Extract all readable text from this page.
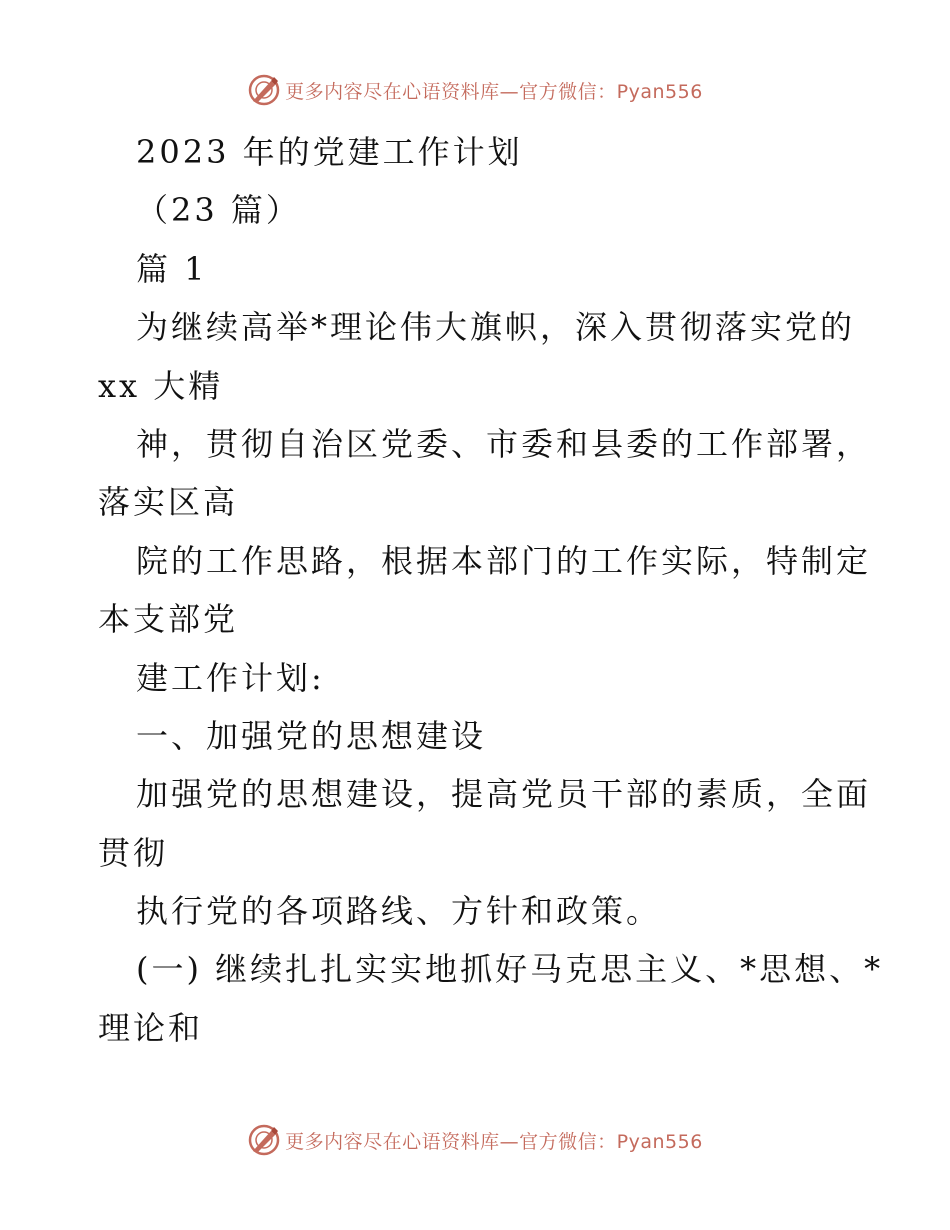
更多内容尽在心语资料库—官方微信：Pyan556
2023 年的党建工作计划
（23 篇）
篇 1
为继续高举*理论伟大旗帜，深入贯彻落实党的
xx 大精
神，贯彻自治区党委、市委和县委的工作部署，
落实区高
院的工作思路，根据本部门的工作实际，特制定
本支部党
建工作计划:
一、加强党的思想建设
加强党的思想建设，提高党员干部的素质，全面
贯彻
执行党的各项路线、方针和政策。
(一) 继续扎扎实实地抓好马克思主义、*思想、*
理论和
更多内容尽在心语资料库—官方微信：Pyan556
